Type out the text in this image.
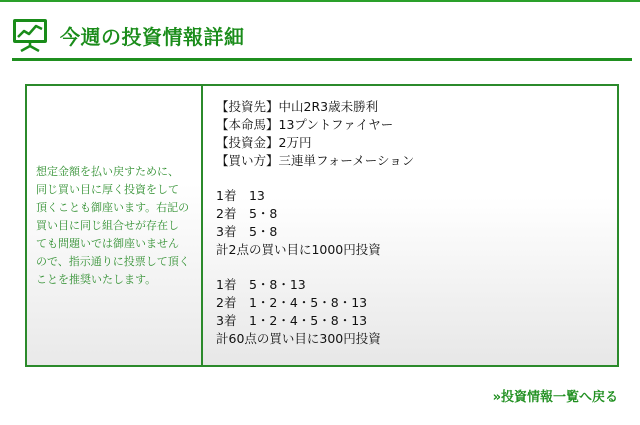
今週の投資情報詳細

想定金額を払い戻すために、
同じ買い目に厚く投資をして
頂くことも御座います。右記の
買い目に同じ組合せが存在し
ても問題いでは御座いません
ので、指示通りに投票して頂く
ことを推奨いたします。

【投資先】中山2R3歳未勝利
【本命馬】13プントファイヤー
【投資金】2万円
【買い方】三連単フォーメーション
1着　13
2着　5・8
3着　5・8
計2点の買い目に1000円投資
1着　5・8・13
2着　1・2・4・5・8・13
3着　1・2・4・5・8・13
計60点の買い目に300円投資
»投資情報一覧へ戻る
